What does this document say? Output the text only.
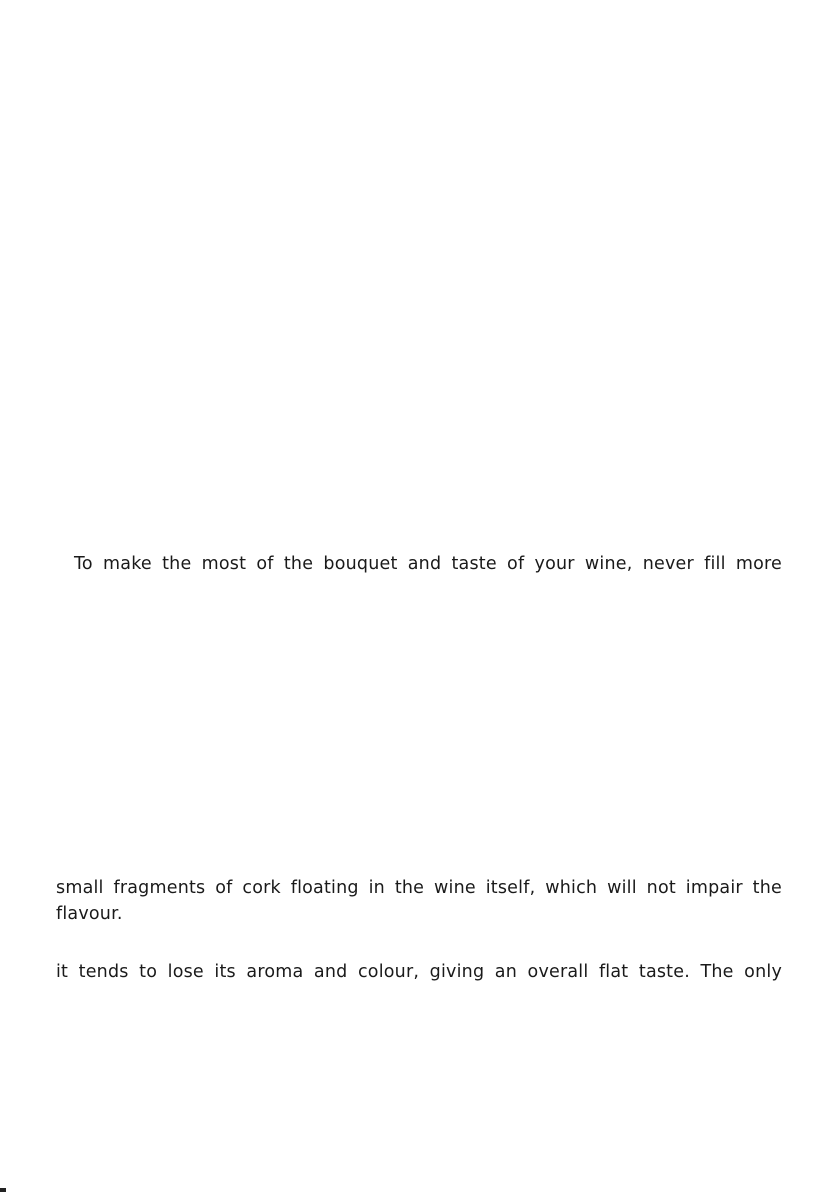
To make the most of the bouquet and taste of your wine, never fill more
small fragments of cork floating in the wine itself, which will not impair the
flavour.
it tends to lose its aroma and colour, giving an overall flat taste. The only
